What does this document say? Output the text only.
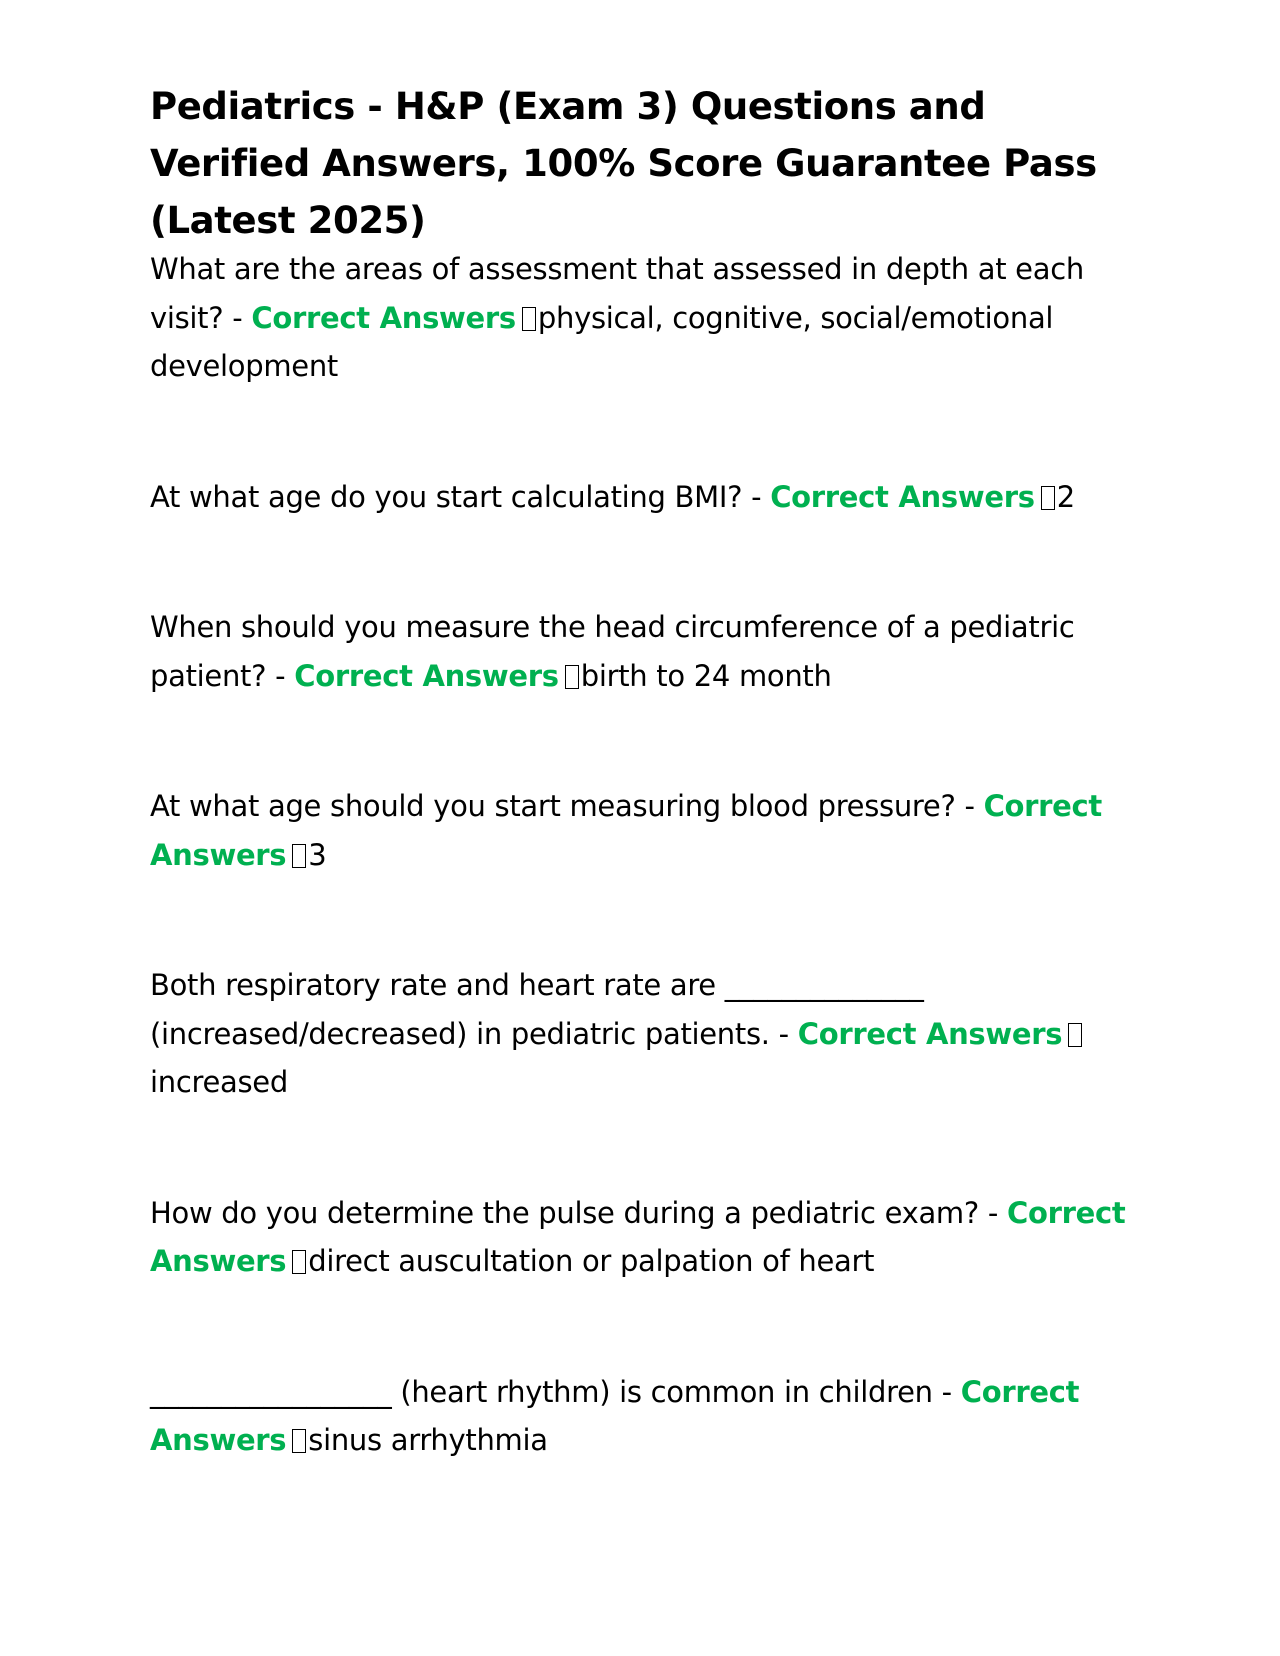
Pediatrics - H&P (Exam 3) Questions and Verified Answers, 100% Score Guarantee Pass (Latest 2025)

What are the areas of assessment that assessed in depth at each visit? - Correct Answers physical, cognitive, social/emotional development

At what age do you start calculating BMI? - Correct Answers 2

When should you measure the head circumference of a pediatric patient? - Correct Answers birth to 24 month

At what age should you start measuring blood pressure? - Correct Answers 3

Both respiratory rate and heart rate are ______________ (increased/decreased) in pediatric patients. - Correct Answersincreased

How do you determine the pulse during a pediatric exam? - Correct Answers direct auscultation or palpation of heart

_________________ (heart rhythm) is common in children - Correct Answers sinus arrhythmia
